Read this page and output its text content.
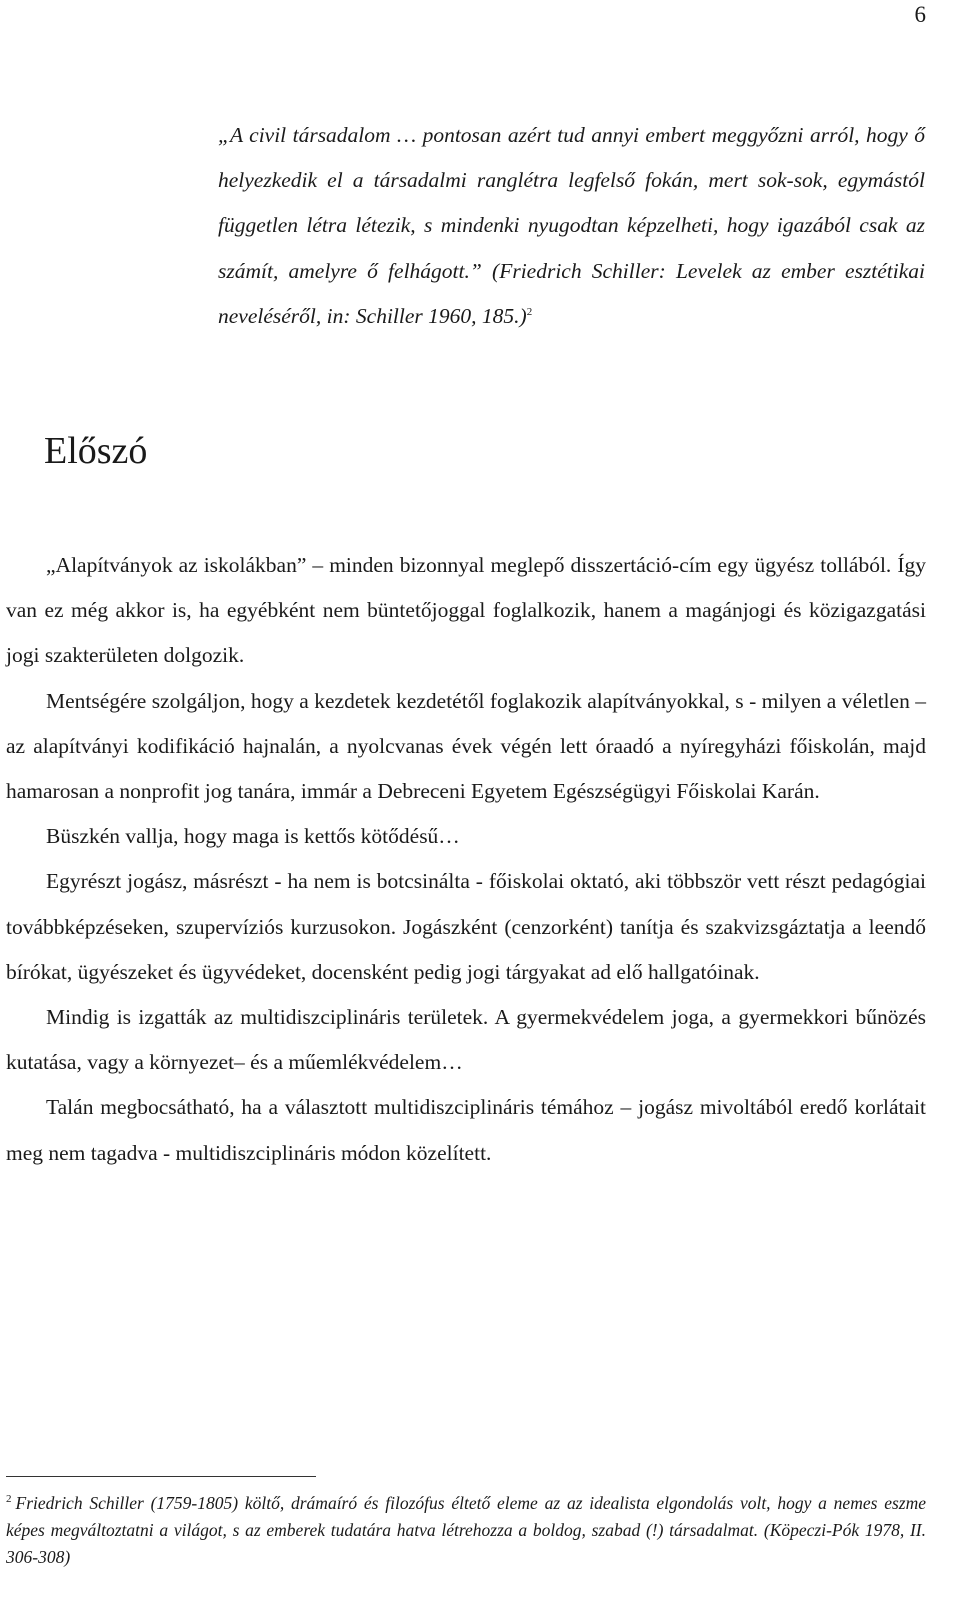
6
„A civil társadalom … pontosan azért tud annyi embert meggyőzni arról, hogy ő helyezkedik el a társadalmi ranglétra legfelső fokán, mert sok-sok, egymástól független létra létezik, s mindenki nyugodtan képzelheti, hogy igazából csak az számít, amelyre ő felhágott.” (Friedrich Schiller: Levelek az ember esztétikai neveléséről, in: Schiller 1960, 185.)$^2$
Előszó

„Alapítványok az iskolákban” – minden bizonnyal meglepő disszertáció-cím egy ügyész tollából. Így van ez még akkor is, ha egyébként nem büntetőjoggal foglalkozik, hanem a magánjogi és közigazgatási jogi szakterületen dolgozik.

Mentségére szolgáljon, hogy a kezdetek kezdetétől foglakozik alapítványokkal, s - milyen a véletlen – az alapítványi kodifikáció hajnalán, a nyolcvanas évek végén lett óraadó a nyíregyházi főiskolán, majd hamarosan a nonprofit jog tanára, immár a Debreceni Egyetem Egészségügyi Főiskolai Karán.

Büszkén vallja, hogy maga is kettős kötődésű…

Egyrészt jogász, másrészt - ha nem is botcsinálta - főiskolai oktató, aki többször vett részt pedagógiai továbbképzéseken, szupervíziós kurzusokon. Jogászként (cenzorként) tanítja és szakvizsgáztatja a leendő bírókat, ügyészeket és ügyvédeket, docensként pedig jogi tárgyakat ad elő hallgatóinak.

Mindig is izgatták az multidiszciplináris területek. A gyermekvédelem joga, a gyermekkori bűnözés kutatása, vagy a környezet– és a műemlékvédelem…

Talán megbocsátható, ha a választott multidiszciplináris témához – jogász mivoltából eredő korlátait meg nem tagadva - multidiszciplináris módon közelített.

$^2$ Friedrich Schiller (1759-1805) költő, drámaíró és filozófus éltető eleme az az idealista elgondolás volt, hogy a nemes eszme képes megváltoztatni a világot, s az emberek tudatára hatva létrehozza a boldog, szabad (!) társadalmat. (Köpeczi-Pók 1978, II. 306-308)
